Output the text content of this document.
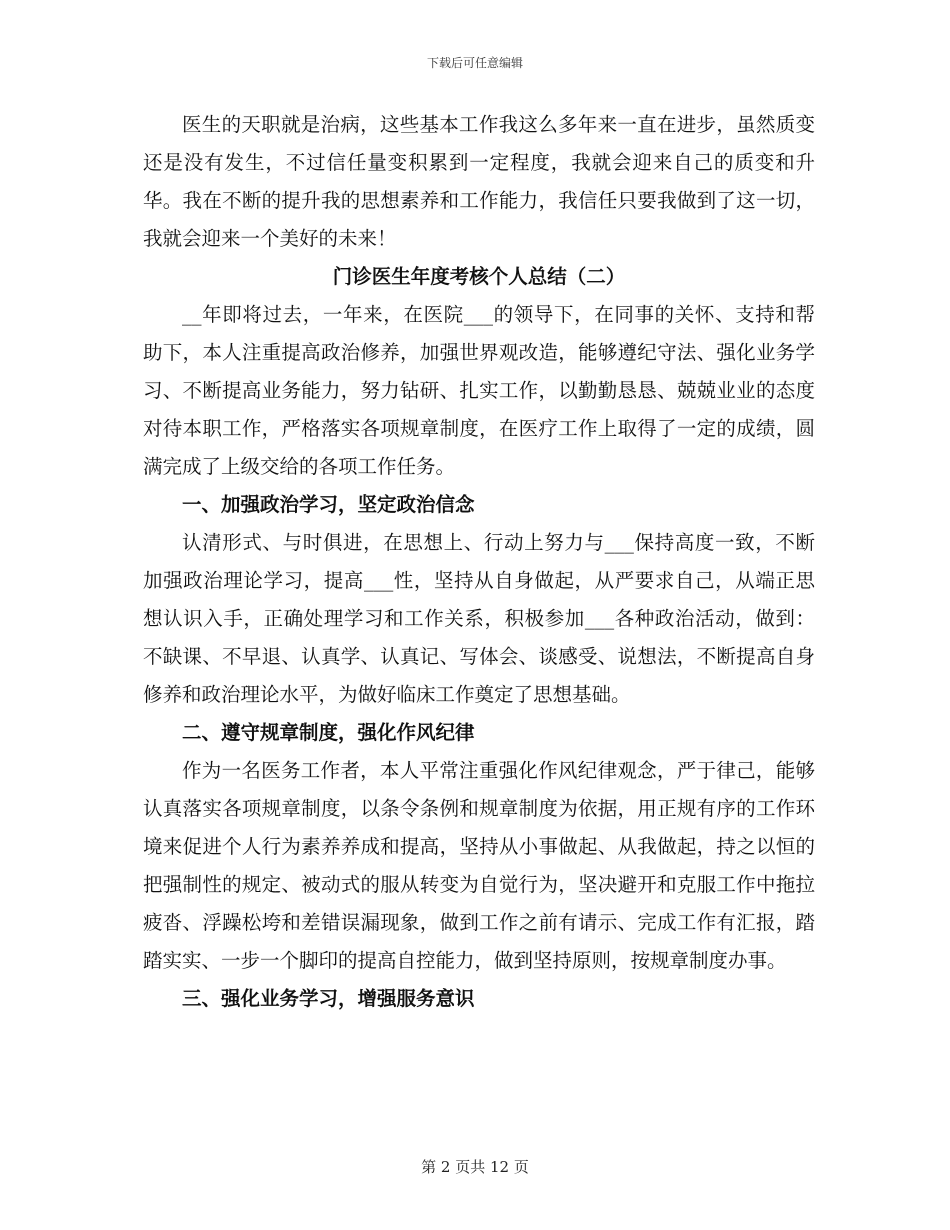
下载后可任意编辑

医生的天职就是治病，这些基本工作我这么多年来一直在进步，虽然质变还是没有发生，不过信任量变积累到一定程度，我就会迎来自己的质变和升华。我在不断的提升我的思想素养和工作能力，我信任只要我做到了这一切，我就会迎来一个美好的未来！

门诊医生年度考核个人总结（二）

__年即将过去，一年来，在医院___的领导下，在同事的关怀、支持和帮助下，本人注重提高政治修养，加强世界观改造，能够遵纪守法、强化业务学习、不断提高业务能力，努力钻研、扎实工作，以勤勤恳恳、兢兢业业的态度对待本职工作，严格落实各项规章制度，在医疗工作上取得了一定的成绩，圆满完成了上级交给的各项工作任务。

一、加强政治学习，坚定政治信念

认清形式、与时俱进，在思想上、行动上努力与___保持高度一致，不断加强政治理论学习，提高___性，坚持从自身做起，从严要求自己，从端正思想认识入手，正确处理学习和工作关系，积极参加___各种政治活动，做到：不缺课、不早退、认真学、认真记、写体会、谈感受、说想法，不断提高自身修养和政治理论水平，为做好临床工作奠定了思想基础。

二、遵守规章制度，强化作风纪律

作为一名医务工作者，本人平常注重强化作风纪律观念，严于律己，能够认真落实各项规章制度，以条令条例和规章制度为依据，用正规有序的工作环境来促进个人行为素养养成和提高，坚持从小事做起、从我做起，持之以恒的把强制性的规定、被动式的服从转变为自觉行为，坚决避开和克服工作中拖拉疲沓、浮躁松垮和差错误漏现象，做到工作之前有请示、完成工作有汇报，踏踏实实、一步一个脚印的提高自控能力，做到坚持原则，按规章制度办事。

三、强化业务学习，增强服务意识

第 2 页共 12 页
